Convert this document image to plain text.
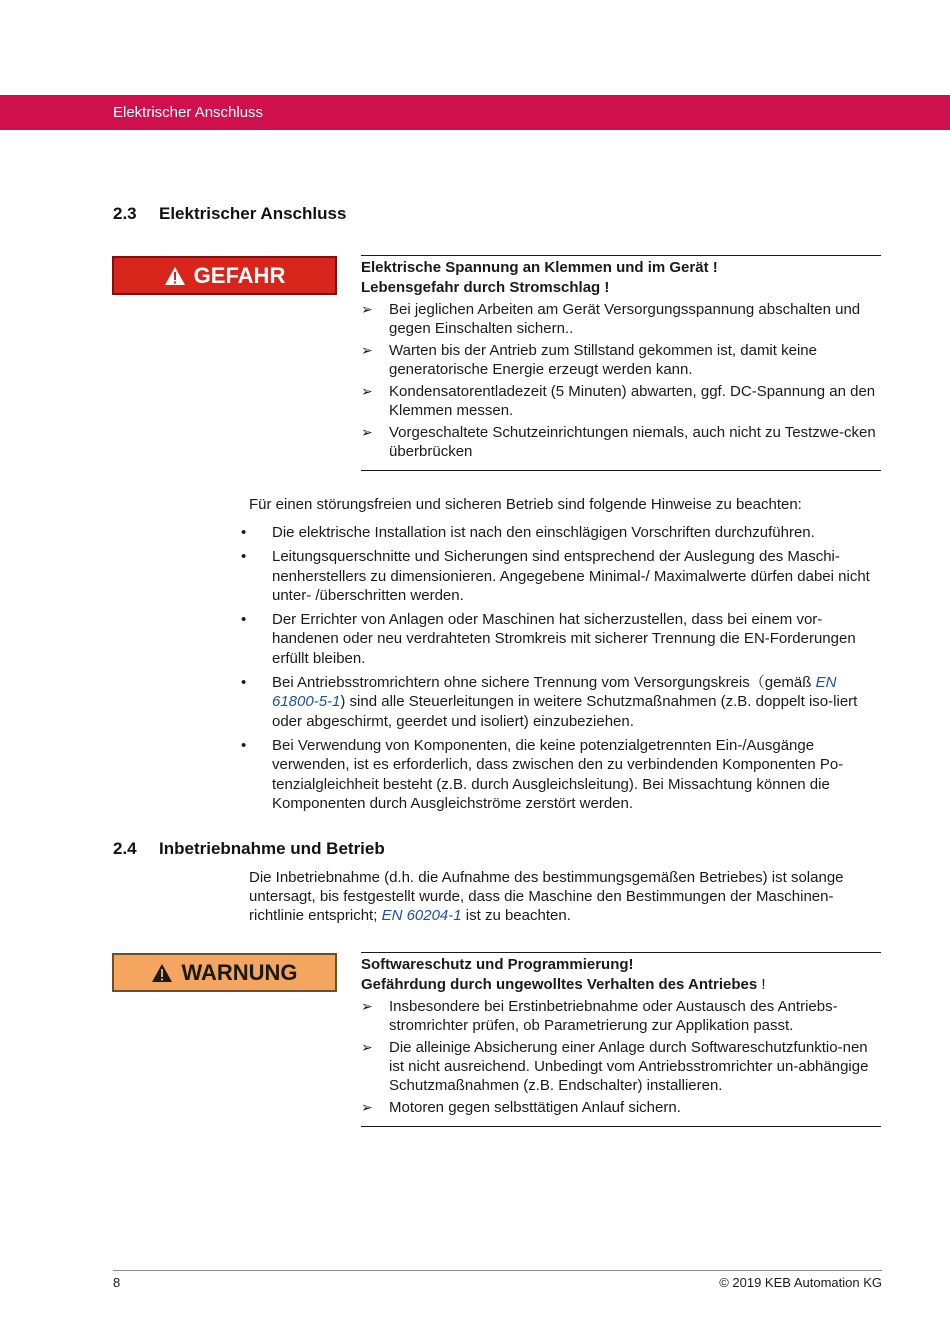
Elektrischer Anschluss
2.3 Elektrischer Anschluss
GEFAHR	Elektrische Spannung an Klemmen und im Gerät !
Lebensgefahr durch Stromschlag !
➢ Bei jeglichen Arbeiten am Gerät Versorgungsspannung abschalten und gegen Einschalten sichern..
➢ Warten bis der Antrieb zum Stillstand gekommen ist, damit keine generatorische Energie erzeugt werden kann.
➢ Kondensatorentladezeit (5 Minuten) abwarten, ggf. DC-Spannung an den Klemmen messen.
➢ Vorgeschaltete Schutzeinrichtungen niemals, auch nicht zu Testzwe-cken überbrücken
Für einen störungsfreien und sicheren Betrieb sind folgende Hinweise zu beachten:
• Die elektrische Installation ist nach den einschlägigen Vorschriften durchzuführen.
• Leitungsquerschnitte und Sicherungen sind entsprechend der Auslegung des Maschi-nenherstellers zu dimensionieren. Angegebene Minimal-/ Maximalwerte dürfen dabei nicht unter- /überschritten werden.
• Der Errichter von Anlagen oder Maschinen hat sicherzustellen, dass bei einem vor-handenen oder neu verdrahteten Stromkreis mit sicherer Trennung die EN-Forderungen erfüllt bleiben.
• Bei Antriebsstromrichtern ohne sichere Trennung vom Versorgungskreis（gemäß EN 61800-5-1) sind alle Steuerleitungen in weitere Schutzmaßnahmen (z.B. doppelt iso-liert oder abgeschirmt, geerdet und isoliert) einzubeziehen.
• Bei Verwendung von Komponenten, die keine potenzialgetrennten Ein-/Ausgänge verwenden, ist es erforderlich, dass zwischen den zu verbindenden Komponenten Po-tenzialgleichheit besteht (z.B. durch Ausgleichsleitung). Bei Missachtung können die Komponenten durch Ausgleichströme zerstört werden.
2.4 Inbetriebnahme und Betrieb
Die Inbetriebnahme (d.h. die Aufnahme des bestimmungsgemäßen Betriebes) ist solange untersagt, bis festgestellt wurde, dass die Maschine den Bestimmungen der Maschinen-richtlinie entspricht; EN 60204-1 ist zu beachten.
WARNUNG	Softwareschutz und Programmierung!
Gefährdung durch ungewolltes Verhalten des Antriebes !
➢ Insbesondere bei Erstinbetriebnahme oder Austausch des Antriebs-stromrichter prüfen, ob Parametrierung zur Applikation passt.
➢ Die alleinige Absicherung einer Anlage durch Softwareschutzfunktio-nen ist nicht ausreichend. Unbedingt vom Antriebsstromrichter un-abhängige Schutzmaßnahmen (z.B. Endschalter) installieren.
➢ Motoren gegen selbsttätigen Anlauf sichern.
8	© 2019 KEB Automation KG
